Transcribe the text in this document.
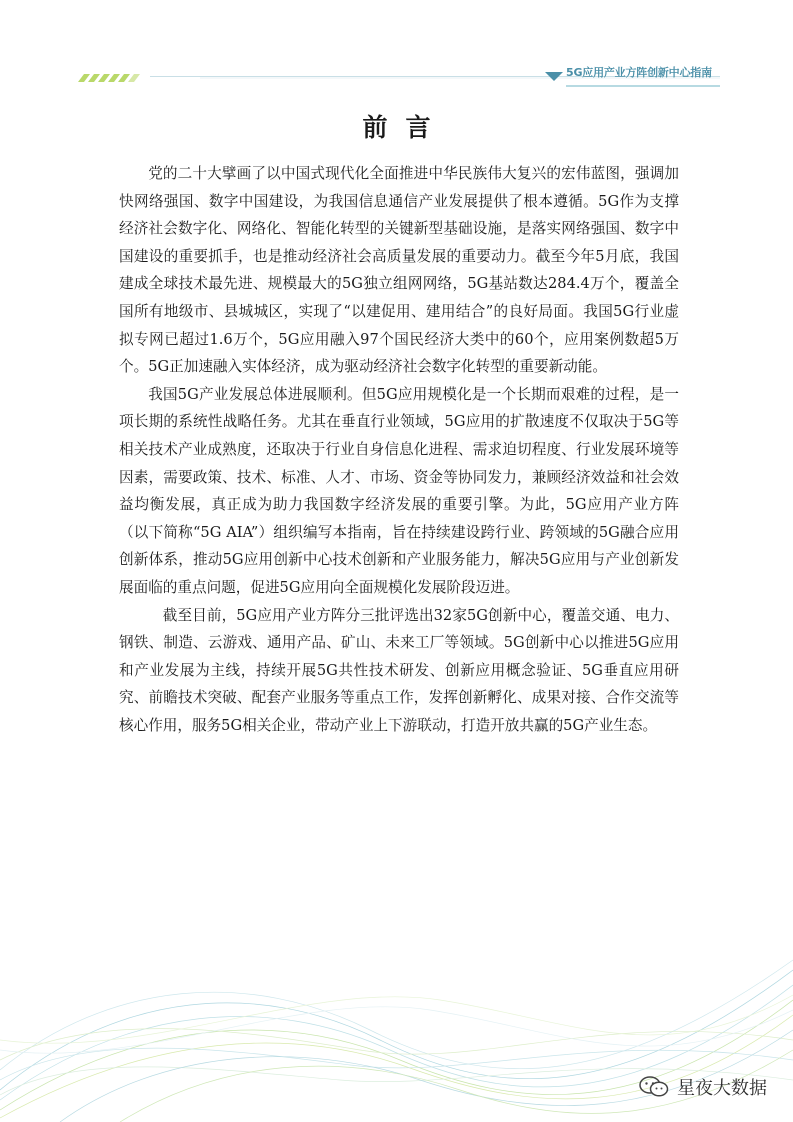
5G应用产业方阵创新中心指南
前言

党的二十大擘画了以中国式现代化全面推进中华民族伟大复兴的宏伟蓝图，强调加快网络强国、数字中国建设，为我国信息通信产业发展提供了根本遵循。5G作为支撑经济社会数字化、网络化、智能化转型的关键新型基础设施，是落实网络强国、数字中国建设的重要抓手，也是推动经济社会高质量发展的重要动力。截至今年5月底，我国建成全球技术最先进、规模最大的5G独立组网网络，5G基站数达284.4万个，覆盖全国所有地级市、县城城区，实现了“以建促用、建用结合”的良好局面。我国5G行业虚拟专网已超过1.6万个，5G应用融入97个国民经济大类中的60个，应用案例数超5万个。5G正加速融入实体经济，成为驱动经济社会数字化转型的重要新动能。

我国5G产业发展总体进展顺利。但5G应用规模化是一个长期而艰难的过程，是一项长期的系统性战略任务。尤其在垂直行业领域，5G应用的扩散速度不仅取决于5G等相关技术产业成熟度，还取决于行业自身信息化进程、需求迫切程度、行业发展环境等因素，需要政策、技术、标准、人才、市场、资金等协同发力，兼顾经济效益和社会效益均衡发展，真正成为助力我国数字经济发展的重要引擎。为此，5G应用产业方阵（以下简称“5G AIA”）组织编写本指南，旨在持续建设跨行业、跨领域的5G融合应用创新体系，推动5G应用创新中心技术创新和产业服务能力，解决5G应用与产业创新发展面临的重点问题，促进5G应用向全面规模化发展阶段迈进。

截至目前，5G应用产业方阵分三批评选出32家5G创新中心，覆盖交通、电力、钢铁、制造、云游戏、通用产品、矿山、未来工厂等领域。5G创新中心以推进5G应用和产业发展为主线，持续开展5G共性技术研发、创新应用概念验证、5G垂直应用研究、前瞻技术突破、配套产业服务等重点工作，发挥创新孵化、成果对接、合作交流等核心作用，服务5G相关企业，带动产业上下游联动，打造开放共赢的5G产业生态。

星夜大数据
